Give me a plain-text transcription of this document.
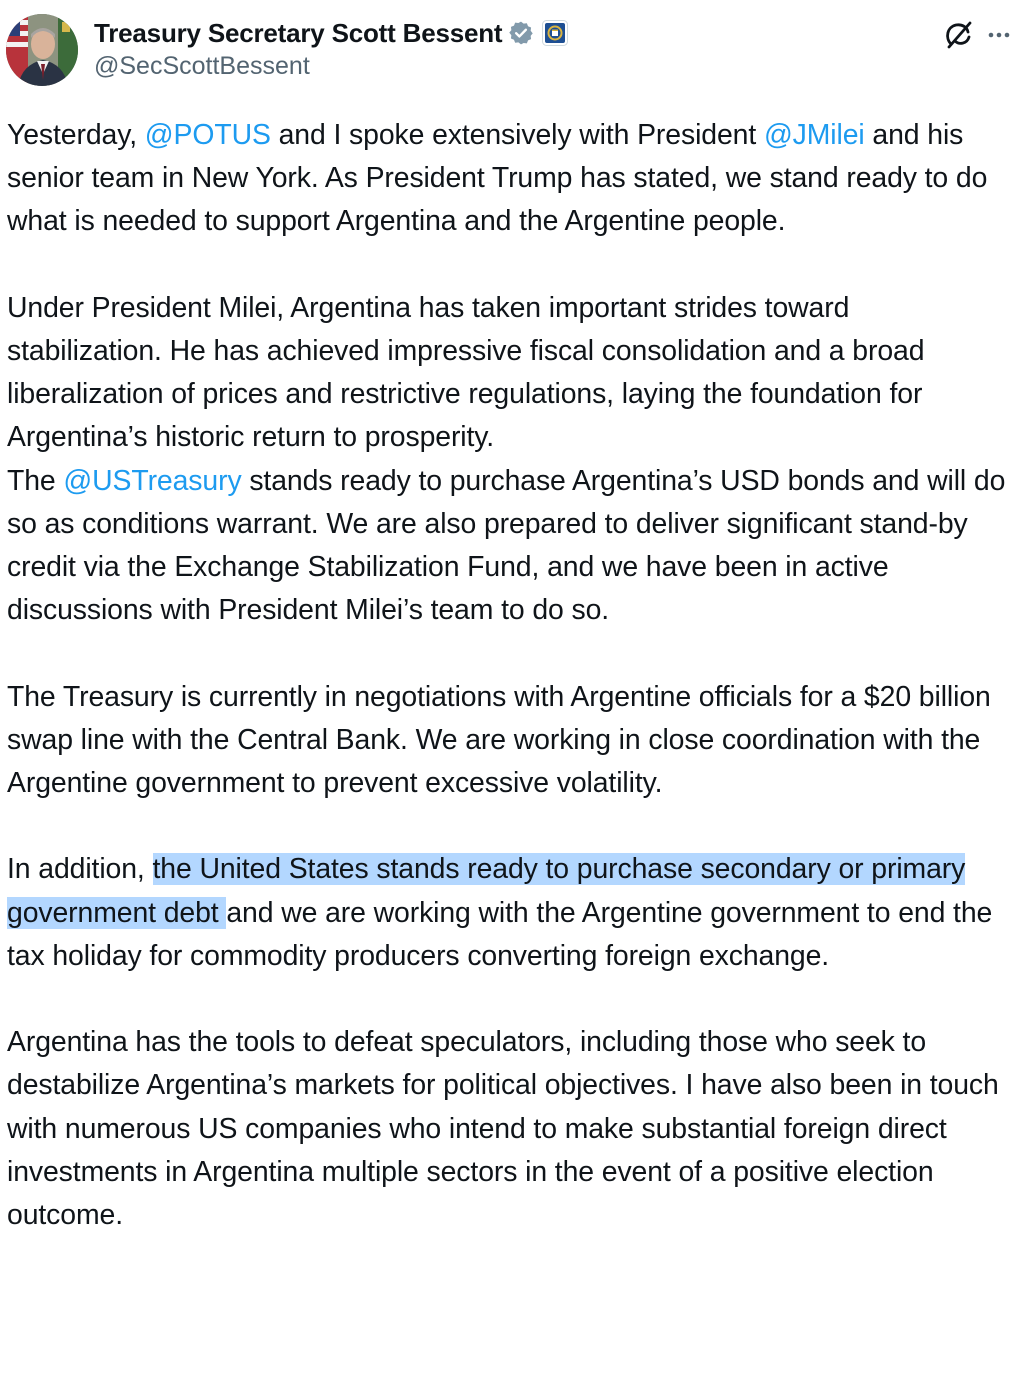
Treasury Secretary Scott Bessent
@SecScottBessent

Yesterday, @POTUS and I spoke extensively with President @JMilei and his senior team in New York. As President Trump has stated, we stand ready to do what is needed to support Argentina and the Argentine people.

Under President Milei, Argentina has taken important strides toward stabilization. He has achieved impressive fiscal consolidation and a broad liberalization of prices and restrictive regulations, laying the foundation for Argentina’s historic return to prosperity.

The @USTreasury stands ready to purchase Argentina’s USD bonds and will do so as conditions warrant. We are also prepared to deliver significant stand-by credit via the Exchange Stabilization Fund, and we have been in active discussions with President Milei’s team to do so.

The Treasury is currently in negotiations with Argentine officials for a $20 billion swap line with the Central Bank. We are working in close coordination with the Argentine government to prevent excessive volatility.

In addition, the United States stands ready to purchase secondary or primary government debt and we are working with the Argentine government to end the tax holiday for commodity producers converting foreign exchange.

Argentina has the tools to defeat speculators, including those who seek to destabilize Argentina’s markets for political objectives. I have also been in touch with numerous US companies who intend to make substantial foreign direct investments in Argentina multiple sectors in the event of a positive election outcome.
